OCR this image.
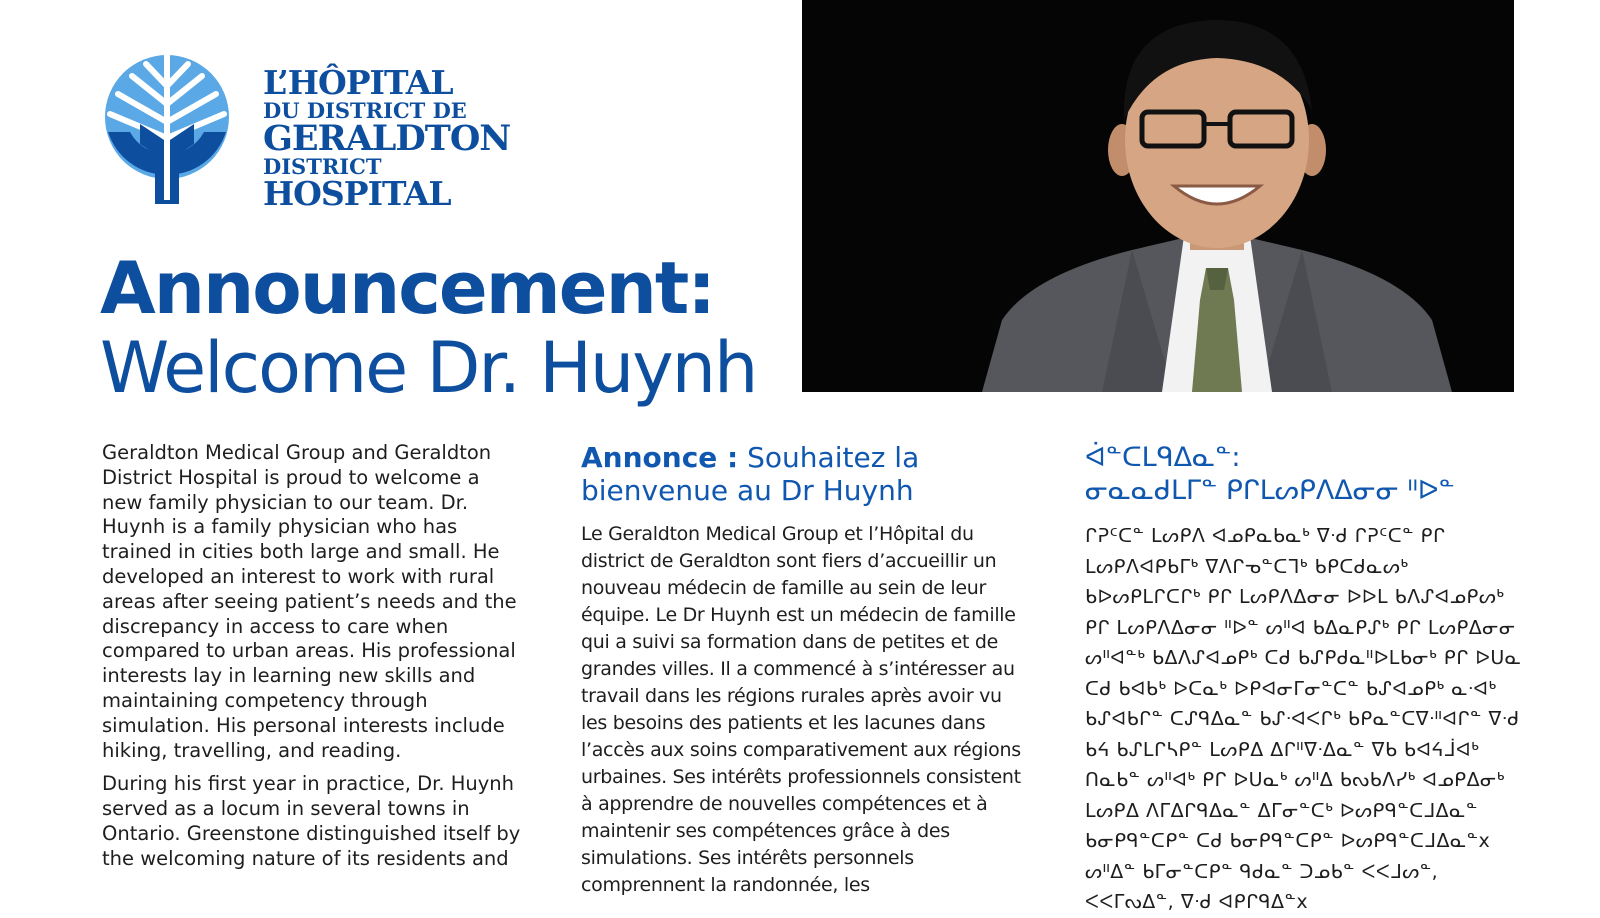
L’HÔPITAL
DU DISTRICT DE
GERALDTON
DISTRICT
HOSPITAL
Announcement:
Welcome Dr. Huynh

Geraldton Medical Group and Geraldton District Hospital is proud to welcome a new family physician to our team. Dr. Huynh is a family physician who has trained in cities both large and small. He developed an interest to work with rural areas after seeing patient’s needs and the discrepancy in access to care when compared to urban areas. His professional interests lay in learning new skills and maintaining competency through simulation. His personal interests include hiking, travelling, and reading.

During his first year in practice, Dr. Huynh served as a locum in several towns in Ontario. Greenstone distinguished itself by the welcoming nature of its residents and

Annonce : Souhaitez la bienvenue au Dr Huynh
Le Geraldton Medical Group et l’Hôpital du district de Geraldton sont fiers d’accueillir un nouveau médecin de famille au sein de leur équipe. Le Dr Huynh est un médecin de famille qui a suivi sa formation dans de petites et de grandes villes. Il a commencé à s’intéresser au travail dans les régions rurales après avoir vu les besoins des patients et les lacunes dans l’accès aux soins comparativement aux régions urbaines. Ses intérêts professionnels consistent à apprendre de nouvelles compétences et à maintenir ses compétences grâce à des simulations. Ses intérêts personnels comprennent la randonnée, les
ᐋᓐᑕᒪᑫᐃᓇᓐ:
ᓂᓇᓇᑯᒪᒥᓐ ᑭᒋᒪᔕᑭᐱᐃᓂᓂ ᐦᐅᓐ
ᒋᕈᑦᑕᓐ ᒪᔕᑭᐱ ᐊᓄᑭᓇᑲᓇᒃ ᐁᐧᑯ ᒋᕈᑦᑕᓐ ᑭᒋ ᒪᔕᑭᐱᐊᑭᑲᒥᒃ ᐁᐱᒋᓀᓐᑕᒣᒃ ᑲᑭᑕᑯᓇᔕᒃ ᑲᐅᔕᑭᒪᒋᑕᒋᒃ ᑭᒋ ᒪᔕᑭᐱᐃᓂᓂ ᐅᐅᒪ ᑲᐱᔑᐊᓄᑭᔕᒃ ᑭᒋ ᒪᔕᑭᐱᐃᓂᓂ ᐦᐅᓐ ᔕᐦᐊ ᑲᐃᓇᑭᔑᒃ ᑭᒋ ᒪᔕᑭᐃᓂᓂ ᔕᐦᐊᓐᒃ ᑲᐃᐱᔑᐊᓄᑭᒃ ᑕᑯ ᑲᔑᑭᑯᓇᐦᐅᒪᑲᓂᒃ ᑭᒋ ᐅᑌᓇ ᑕᑯ ᑲᐊᑲᒃ ᐅᑕᓇᒃ ᐅᑭᐊᓂᒥᓂᓐᑕᓐ ᑲᔑᐊᓄᑭᒃ ᓇᐧᐊᒃ ᑲᔑᐊᑲᒋᓐ ᑕᔑᑫᐃᓇᓐ ᑲᔑᐧᐊᐸᒋᒃ ᑲᑭᓇᓐᑕᐁᐧᐦᐊᒋᓐ ᐁᐧᑯ ᑲᔦ ᑲᔑᒪᒋᓴᑭᓐ ᒪᔕᑭᐃ ᐃᒋᐦᐁᐧᐃᓇᓐ ᐁᑲ ᑲᐊᔦᒨᐊᒃ ᑎᓇᑲᓐ ᔕᐦᐊᒃ ᑭᒋ ᐅᑌᓇᒃ ᔕᐦᐃ ᑲᔓᑲᐱᓯᒃ ᐊᓄᑭᐃᓂᒃ ᒪᔕᑭᐃ ᐱᒥᐃᒋᑫᐃᓇᓐ ᐃᒥᓂᓐᑕᒃ ᐅᔕᑭᑫᓐᑕᒧᐃᓇᓐ ᑲᓂᑭᑫᓐᑕᑭᓐ ᑕᑯ ᑲᓂᑭᑫᓐᑕᑭᓐ ᐅᔕᑭᑫᓐᑕᒧᐃᓇᓐx ᔕᐦᐃᓐ ᑲᒥᓂᓐᑕᑭᓐ ᑫᑯᓇᓐ ᑐᓄᑲᓐ ᐸᐸᒧᔕᓐ, ᐸᐸᒥᔓᐃᓐ, ᐁᐧᑯ ᐊᑭᒋᑫᐃᓐx
